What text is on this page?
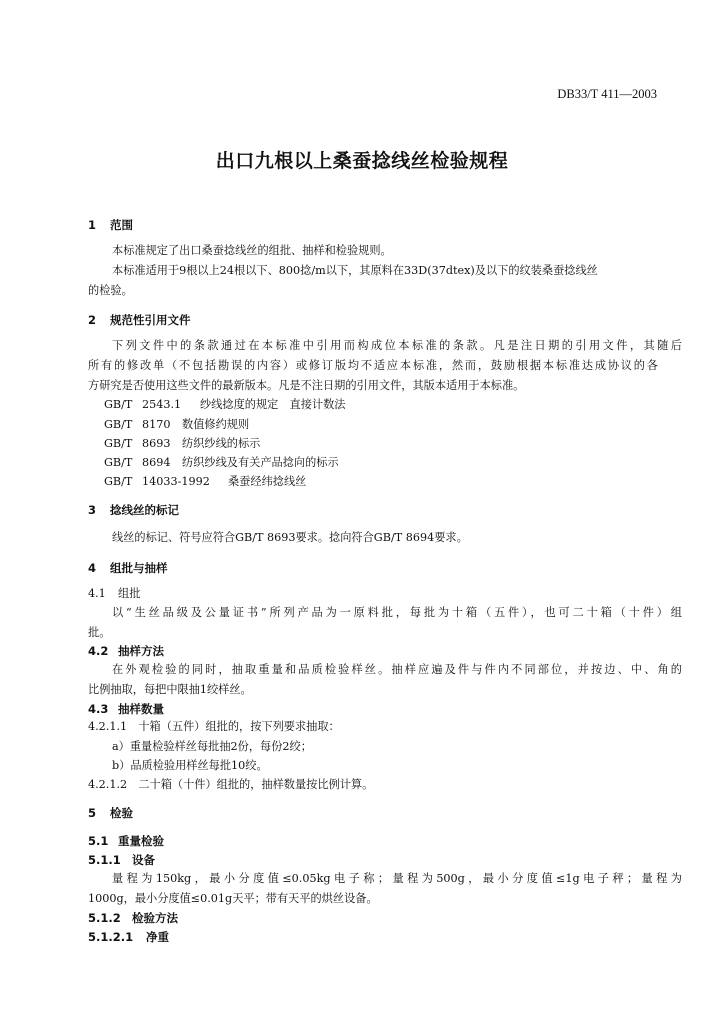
DB33/T 411—2003
出口九根以上桑蚕捻线丝检验规程
1 范围
本标准规定了出口桑蚕捻线丝的组批、抽样和检验规则。
本标准适用于9根以上24根以下、800捻/m以下，其原料在33D(37dtex)及以下的纹装桑蚕捻线丝
的检验。
2 规范性引用文件
下列文件中的条款通过在本标准中引用而构成位本标准的条款。凡是注日期的引用文件，其随后
所有的修改单（不包括勘误的内容）或修订版均不适应本标准，然而，鼓励根据本标准达成协议的各
方研究是否使用这些文件的最新版本。凡是不注日期的引用文件，其版本适用于本标准。
GB/T 2543.1 纱线捻度的规定　直接计数法
GB/T 8170 数值修约规则
GB/T 8693 纺织纱线的标示
GB/T 8694 纺织纱线及有关产品捻向的标示
GB/T 14033-1992 桑蚕经纬捻线丝
3 捻线丝的标记
线丝的标记、符号应符合GB/T 8693要求。捻向符合GB/T 8694要求。
4 组批与抽样
4.1 组批
以“生丝品级及公量证书”所列产品为一原料批，每批为十箱（五件），也可二十箱（十件）组
批。
4.2 抽样方法
在外观检验的同时，抽取重量和品质检验样丝。抽样应遍及件与件内不同部位，并按边、中、角的
比例抽取，每把中限抽1绞样丝。
4.3 抽样数量
4.2.1.1　十箱（五件）组批的，按下列要求抽取：
a）重量检验样丝每批抽2份，每份2绞；
b）品质检验用样丝每批10绞。
4.2.1.2　二十箱（十件）组批的，抽样数量按比例计算。
5 检验
5.1 重量检验
5.1.1 设备
量程为150kg，最小分度值≤0.05kg电子称；量程为500g，最小分度值≤1g电子秤；量程为
1000g，最小分度值≤0.01g天平；带有天平的烘丝设备。
5.1.2 检验方法
5.1.2.1 净重
